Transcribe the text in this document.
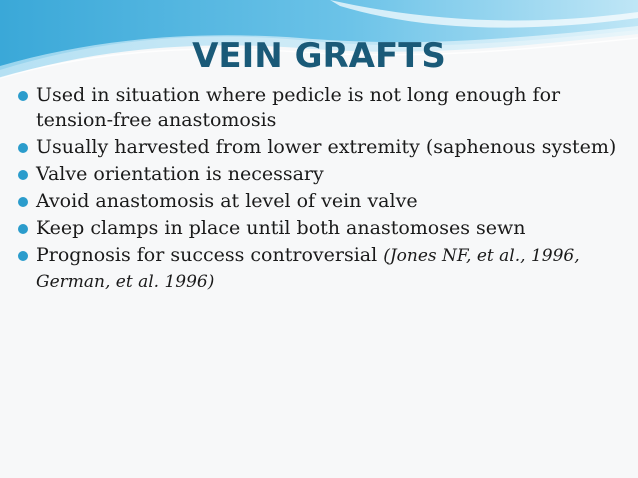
VEIN GRAFTS
Used in situation where pedicle is not long enough for tension-free anastomosis
Usually harvested from lower extremity (saphenous system)
Valve orientation is necessary
Avoid anastomosis at level of vein valve
Keep clamps in place until both anastomoses sewn
Prognosis for success controversial (Jones NF, et al., 1996, German, et al. 1996)
